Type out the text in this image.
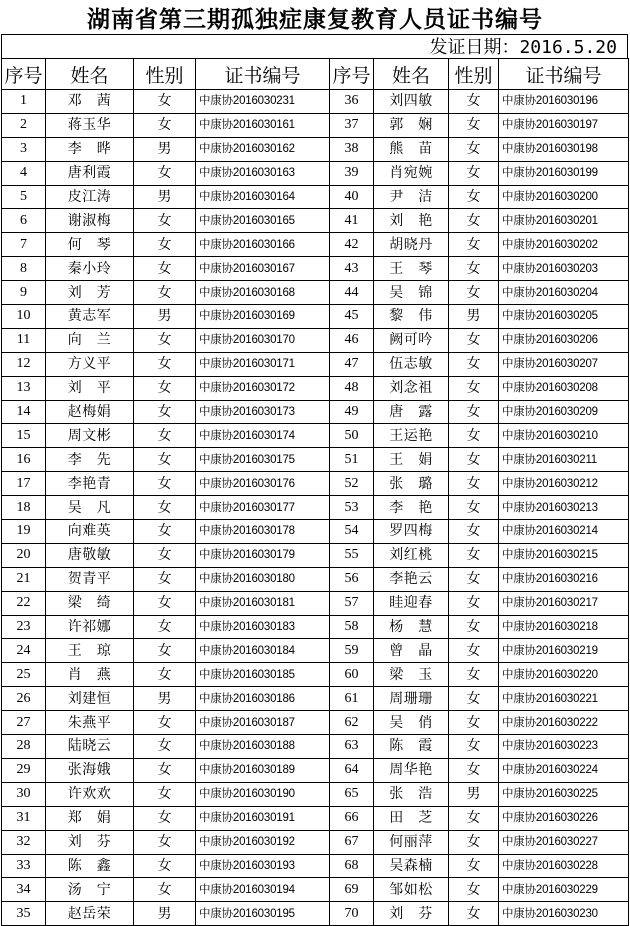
湖南省第三期孤独症康复教育人员证书编号
发证日期：2016.5.20
序号	姓名	性别	证书编号	序号	姓名	性别	证书编号
1	邓　茜	女	中康协2016030231	36	刘四敏	女	中康协2016030196
2	蒋玉华	女	中康协2016030161	37	郭　娴	女	中康协2016030197
3	李　晔	男	中康协2016030162	38	熊　苗	女	中康协2016030198
4	唐利霞	女	中康协2016030163	39	肖宛婉	女	中康协2016030199
5	皮江涛	男	中康协2016030164	40	尹　洁	女	中康协2016030200
6	谢淑梅	女	中康协2016030165	41	刘　艳	女	中康协2016030201
7	何　琴	女	中康协2016030166	42	胡晓丹	女	中康协2016030202
8	秦小玲	女	中康协2016030167	43	王　琴	女	中康协2016030203
9	刘　芳	女	中康协2016030168	44	吴　锦	女	中康协2016030204
10	黄志军	男	中康协2016030169	45	黎　伟	男	中康协2016030205
11	向　兰	女	中康协2016030170	46	阙可吟	女	中康协2016030206
12	方义平	女	中康协2016030171	47	伍志敏	女	中康协2016030207
13	刘　平	女	中康协2016030172	48	刘念祖	女	中康协2016030208
14	赵梅娟	女	中康协2016030173	49	唐　露	女	中康协2016030209
15	周文彬	女	中康协2016030174	50	王运艳	女	中康协2016030210
16	李　先	女	中康协2016030175	51	王　娟	女	中康协2016030211
17	李艳青	女	中康协2016030176	52	张　璐	女	中康协2016030212
18	吴　凡	女	中康协2016030177	53	李　艳	女	中康协2016030213
19	向难英	女	中康协2016030178	54	罗四梅	女	中康协2016030214
20	唐敬敏	女	中康协2016030179	55	刘红桃	女	中康协2016030215
21	贺青平	女	中康协2016030180	56	李艳云	女	中康协2016030216
22	梁　绮	女	中康协2016030181	57	眭迎春	女	中康协2016030217
23	许祁娜	女	中康协2016030183	58	杨　慧	女	中康协2016030218
24	王　琼	女	中康协2016030184	59	曾　晶	女	中康协2016030219
25	肖　燕	女	中康协2016030185	60	梁　玉	女	中康协2016030220
26	刘建恒	男	中康协2016030186	61	周珊珊	女	中康协2016030221
27	朱燕平	女	中康协2016030187	62	吴　俏	女	中康协2016030222
28	陆晓云	女	中康协2016030188	63	陈　霞	女	中康协2016030223
29	张海娥	女	中康协2016030189	64	周华艳	女	中康协2016030224
30	许欢欢	女	中康协2016030190	65	张　浩	男	中康协2016030225
31	郑　娟	女	中康协2016030191	66	田　芝	女	中康协2016030226
32	刘　芬	女	中康协2016030192	67	何丽萍	女	中康协2016030227
33	陈　鑫	女	中康协2016030193	68	吴森楠	女	中康协2016030228
34	汤　宁	女	中康协2016030194	69	邹如松	女	中康协2016030229
35	赵岳荣	男	中康协2016030195	70	刘　芬	女	中康协2016030230
